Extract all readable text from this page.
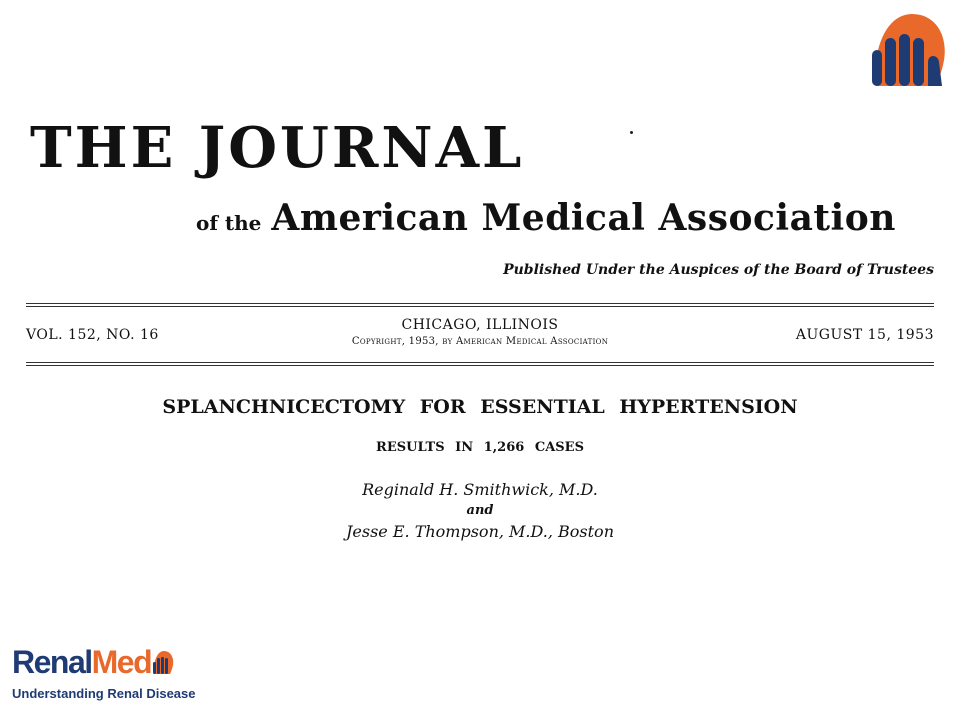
THE JOURNAL
of the American Medical Association
Published Under the Auspices of the Board of Trustees
VOL. 152, NO. 16
CHICAGO, ILLINOIS
Copyright, 1953, by American Medical Association	AUGUST 15, 1953
SPLANCHNICECTOMY FOR ESSENTIAL HYPERTENSION
RESULTS IN 1,266 CASES
Reginald H. Smithwick, M.D.
and
Jesse E. Thompson, M.D., Boston
RenalMed
Understanding Renal Disease
